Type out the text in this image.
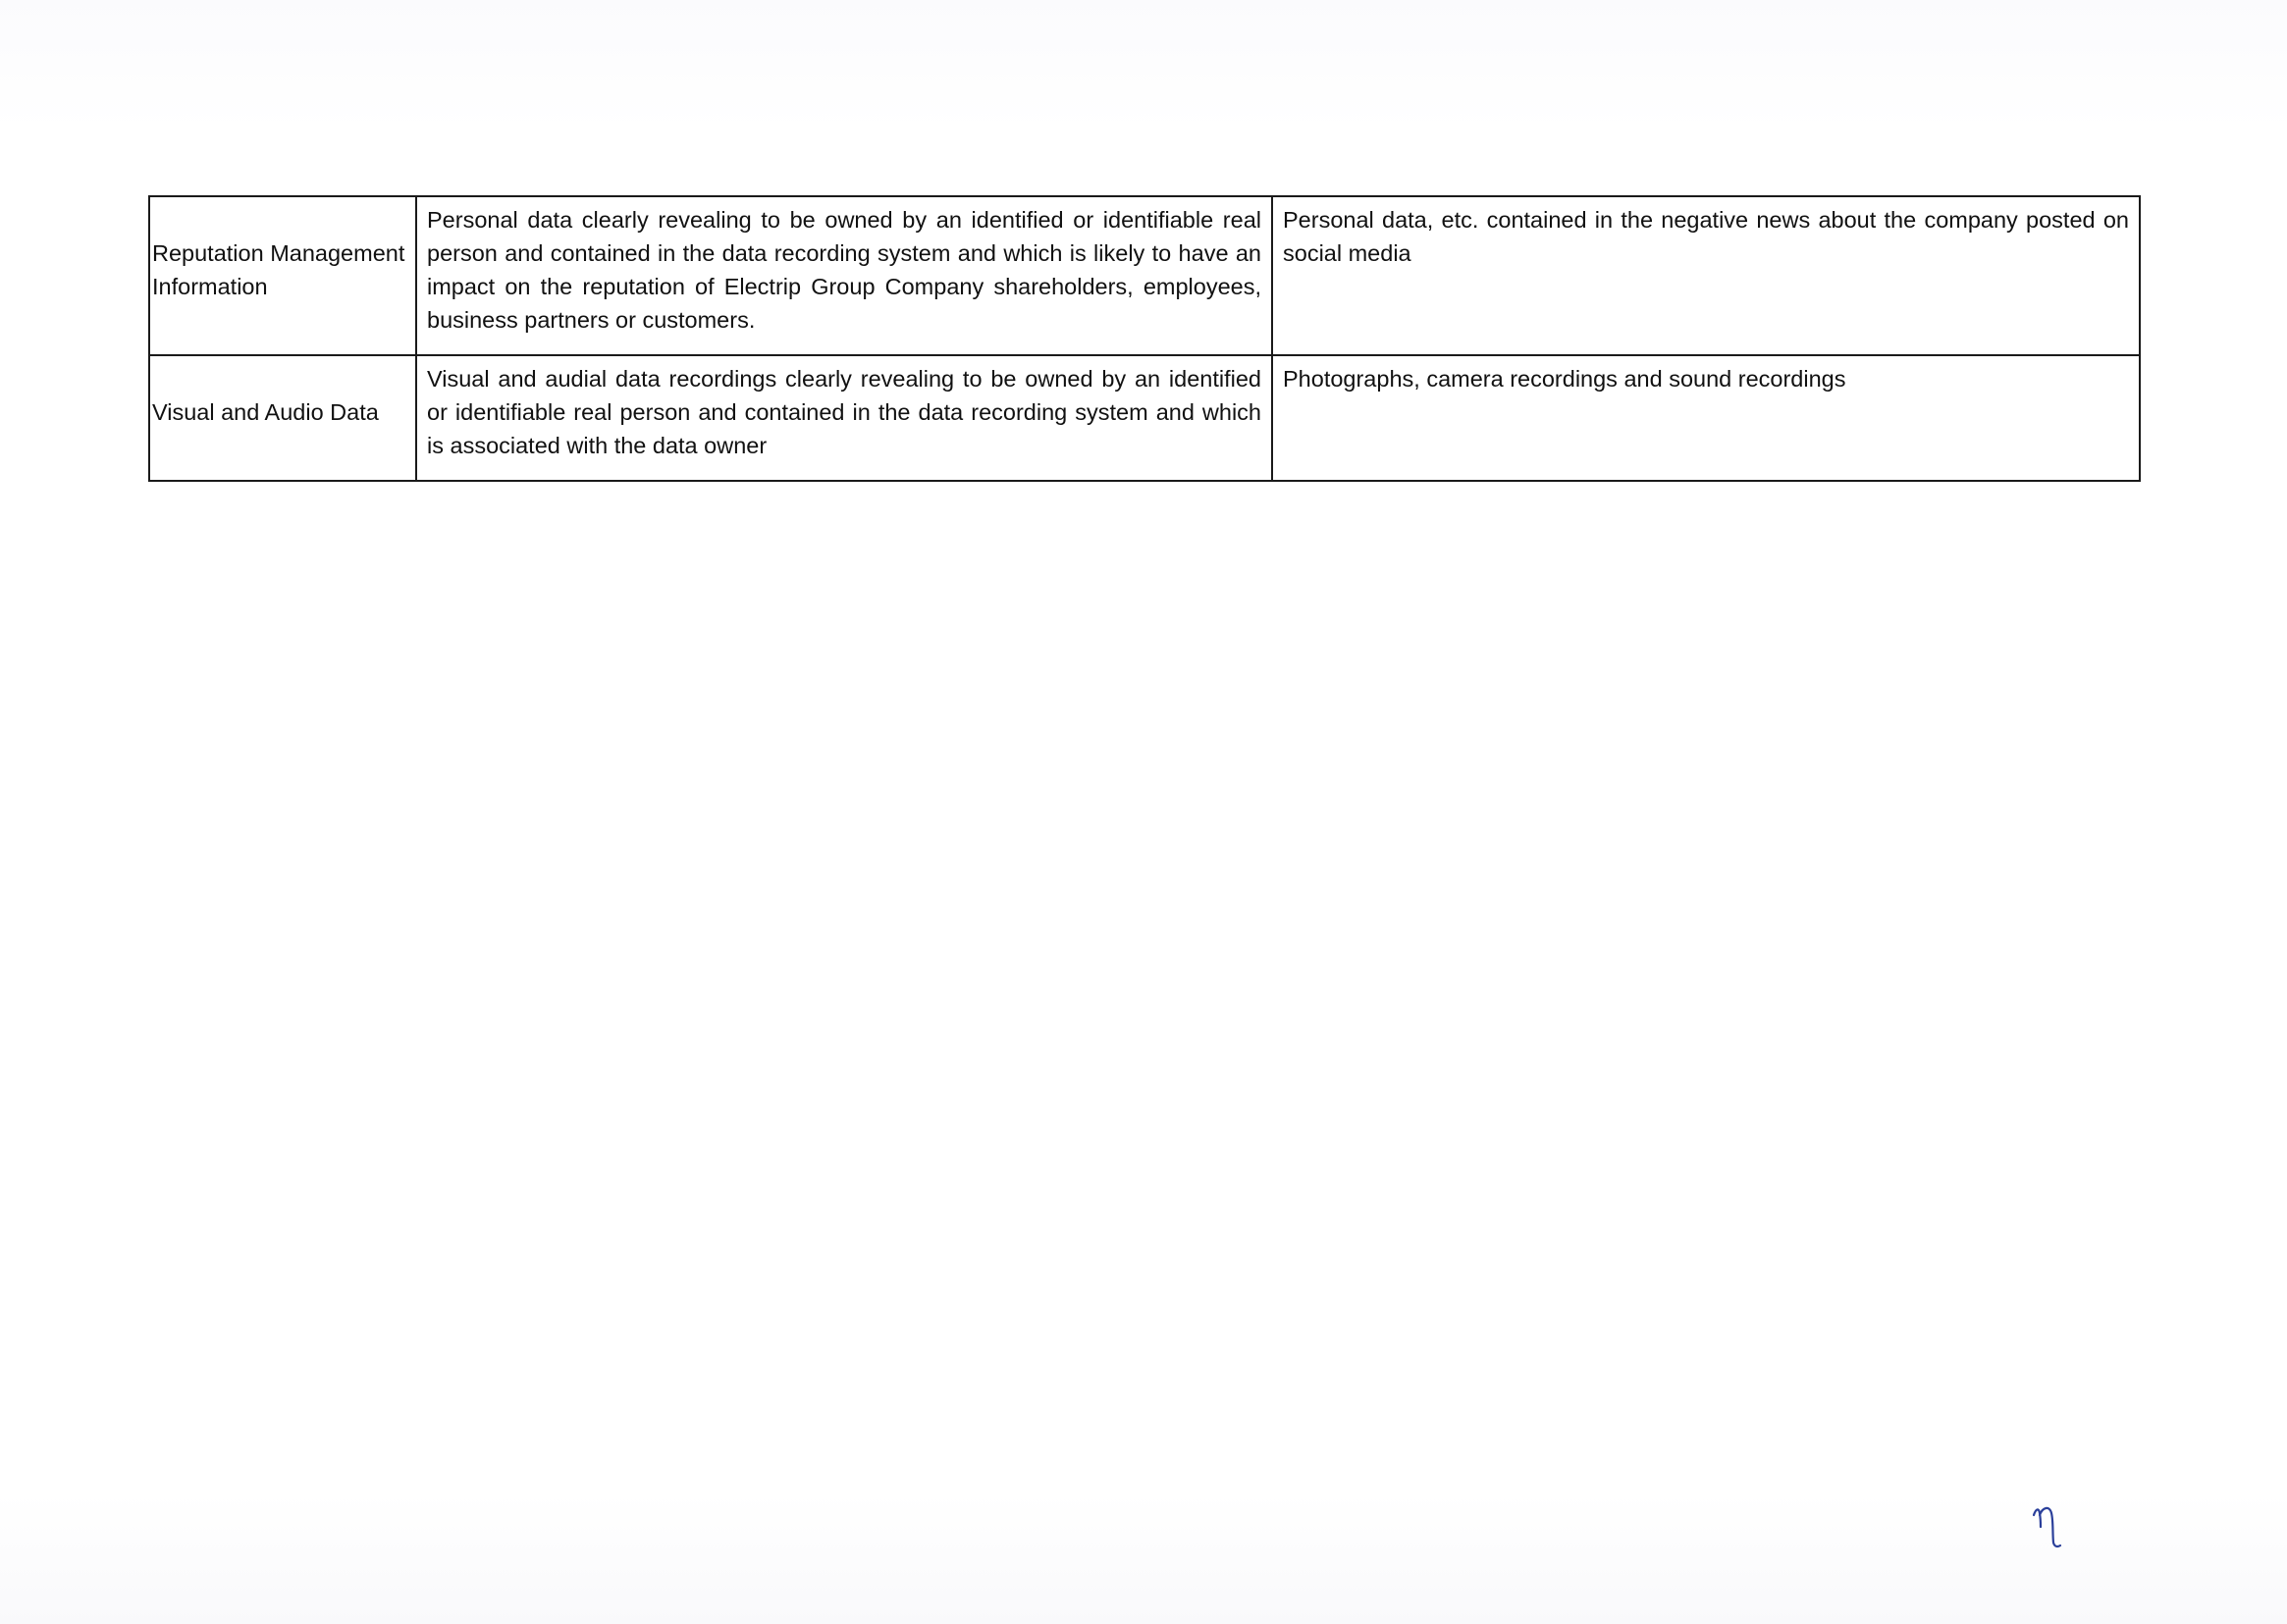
Reputation Management Information	Personal data clearly revealing to be owned by an identified or identifiable real person and contained in the data recording system and which is likely to have an impact on the reputation of Electrip Group Company shareholders, employees, business partners or customers.	Personal data, etc. contained in the negative news about the company posted on social media
Visual and Audio Data	Visual and audial data recordings clearly revealing to be owned by an identified or identifiable real person and contained in the data recording system and which is associated with the data owner	Photographs, camera recordings and sound recordings
